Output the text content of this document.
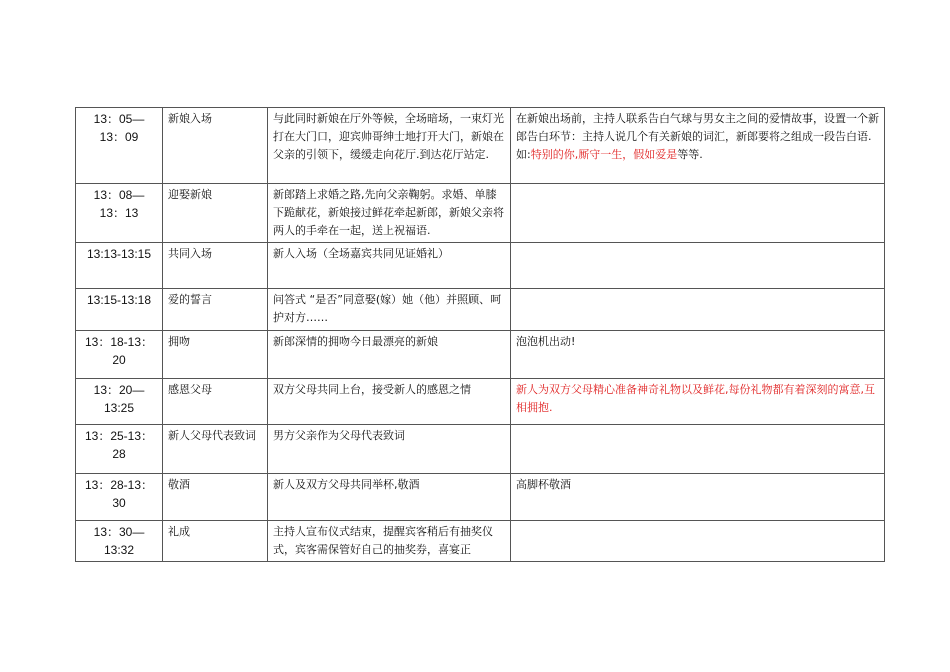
13：05—13：09	新娘入场	与此同时新娘在厅外等候，全场暗场，一束灯光打在大门口，迎宾帅哥绅士地打开大门，新娘在父亲的引领下，缓缓走向花厅.到达花厅站定.	在新娘出场前，主持人联系告白气球与男女主之间的爱情故事，设置一个新郎告白环节：主持人说几个有关新娘的词汇，新郎要将之组成一段告白语.如:特别的你,厮守一生，假如爱是等等.
13：08—13：13	迎娶新娘	新郎踏上求婚之路,先向父亲鞠躬。求婚、单膝下跪献花，新娘接过鲜花牵起新郎，新娘父亲将两人的手牵在一起，送上祝福语.	
13:13-13:15	共同入场	新人入场（全场嘉宾共同见证婚礼）	
13:15-13:18	爱的誓言	问答式 “是否”同意娶(嫁）她（他）并照顾、呵护对方……	
13：18-13：20	拥吻	新郎深情的拥吻今日最漂亮的新娘	泡泡机出动!
13：20—13:25	感恩父母	双方父母共同上台，接受新人的感恩之情	新人为双方父母精心准备神奇礼物以及鲜花,每份礼物都有着深刻的寓意,互相拥抱.
13：25-13：28	新人父母代表致词	男方父亲作为父母代表致词	
13：28-13：30	敬酒	新人及双方父母共同举杯,敬酒	高脚杯敬酒
13：30—13:32	礼成	主持人宣布仪式结束，提醒宾客稍后有抽奖仪式，宾客需保管好自己的抽奖券，喜宴正	
